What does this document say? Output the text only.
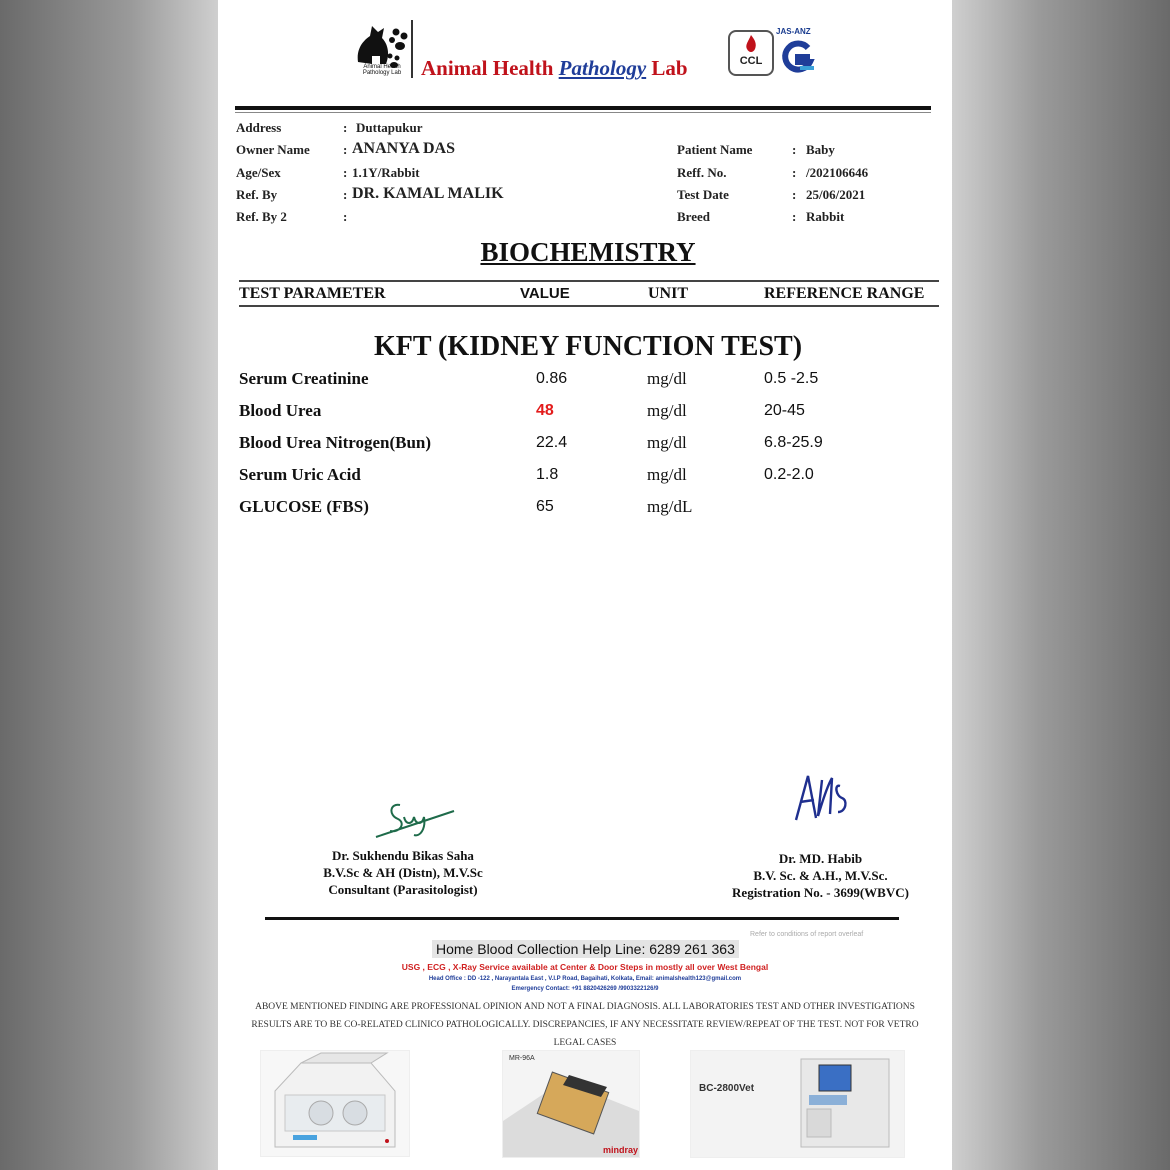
Animal Health Pathology Lab Animal Health Pathology Lab	CCL
JAS-ANZ
Address	: Duttapukur
Owner Name	: ANANYA DAS
Age/Sex	: 1.1Y/Rabbit
Ref. By	: DR. KAMAL MALIK
Ref. By 2	:
Patient Name	: Baby
Reff. No.	: /202106646
Test Date	: 25/06/2021
Breed	: Rabbit
BIOCHEMISTRY
TEST PARAMETER	VALUE	UNIT	REFERENCE RANGE
KFT (KIDNEY FUNCTION TEST)
Serum Creatinine	0.86	mg/dl	0.5 -2.5
Blood Urea	48	mg/dl	20-45
Blood Urea Nitrogen(Bun)	22.4	mg/dl	6.8-25.9
Serum Uric Acid	1.8	mg/dl	0.2-2.0
GLUCOSE (FBS)	65	mg/dL
Dr. Sukhendu Bikas Saha
B.V.Sc & AH (Distn), M.V.Sc
Consultant (Parasitologist)
Dr. MD. Habib
B.V. Sc. & A.H., M.V.Sc.
Registration No. - 3699(WBVC)
Refer to conditions of report overleaf
Home Blood Collection Help Line: 6289 261 363
USG , ECG , X-Ray Service available at Center & Door Steps in mostly all over West Bengal
Head Office : DD -122 , Narayantala East , V.I.P Road, Bagaihati, Kolkata, Email: animalshealth123@gmail.com
Emergency Contact: +91 8820426269 /9903322126/9
ABOVE MENTIONED FINDING ARE PROFESSIONAL OPINION AND NOT A FINAL DIAGNOSIS. ALL LABORATORIES TEST AND OTHER INVESTIGATIONS RESULTS ARE TO BE CO-RELATED CLINICO PATHOLOGICALLY. DISCREPANCIES, IF ANY NECESSITATE REVIEW/REPEAT OF THE TEST. NOT FOR VETRO LEGAL CASES
MR-96A
mindray
BC-2800Vet
